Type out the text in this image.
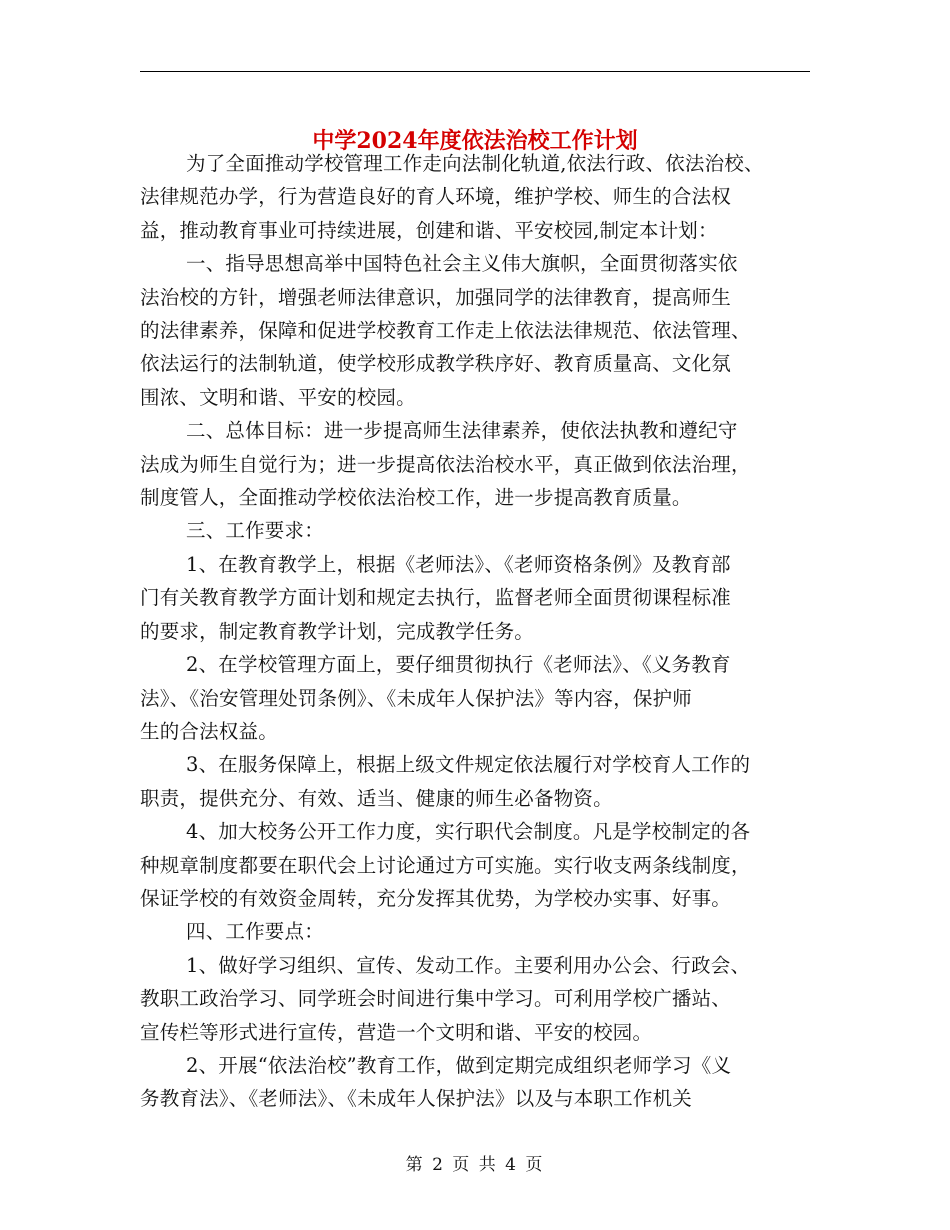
中学2024年度依法治校工作计划

为了全面推动学校管理工作走向法制化轨道,依法行政、依法治校、
法律规范办学，行为营造良好的育人环境，维护学校、师生的合法权
益，推动教育事业可持续进展，创建和谐、平安校园,制定本计划：

一、指导思想高举中国特色社会主义伟大旗帜，全面贯彻落实依
法治校的方针，增强老师法律意识，加强同学的法律教育，提高师生
的法律素养，保障和促进学校教育工作走上依法法律规范、依法管理、
依法运行的法制轨道，使学校形成教学秩序好、教育质量高、文化氛
围浓、文明和谐、平安的校园。

二、总体目标：进一步提高师生法律素养，使依法执教和遵纪守
法成为师生自觉行为；进一步提高依法治校水平，真正做到依法治理，
制度管人，全面推动学校依法治校工作，进一步提高教育质量。

三、工作要求：

1、在教育教学上，根据《老师法》、《老师资格条例》及教育部
门有关教育教学方面计划和规定去执行，监督老师全面贯彻课程标准
的要求，制定教育教学计划，完成教学任务。

2、在学校管理方面上，要仔细贯彻执行《老师法》、《义务教育
法》、《治安管理处罚条例》、《未成年人保护法》等内容，保护师
生的合法权益。

3、在服务保障上，根据上级文件规定依法履行对学校育人工作的
职责，提供充分、有效、适当、健康的师生必备物资。

4、加大校务公开工作力度，实行职代会制度。凡是学校制定的各
种规章制度都要在职代会上讨论通过方可实施。实行收支两条线制度，
保证学校的有效资金周转，充分发挥其优势，为学校办实事、好事。

四、工作要点：

1、做好学习组织、宣传、发动工作。主要利用办公会、行政会、
教职工政治学习、同学班会时间进行集中学习。可利用学校广播站、
宣传栏等形式进行宣传，营造一个文明和谐、平安的校园。

2、开展“依法治校”教育工作，做到定期完成组织老师学习《义
务教育法》、《老师法》、《未成年人保护法》以及与本职工作机关

第 2 页 共 4 页
